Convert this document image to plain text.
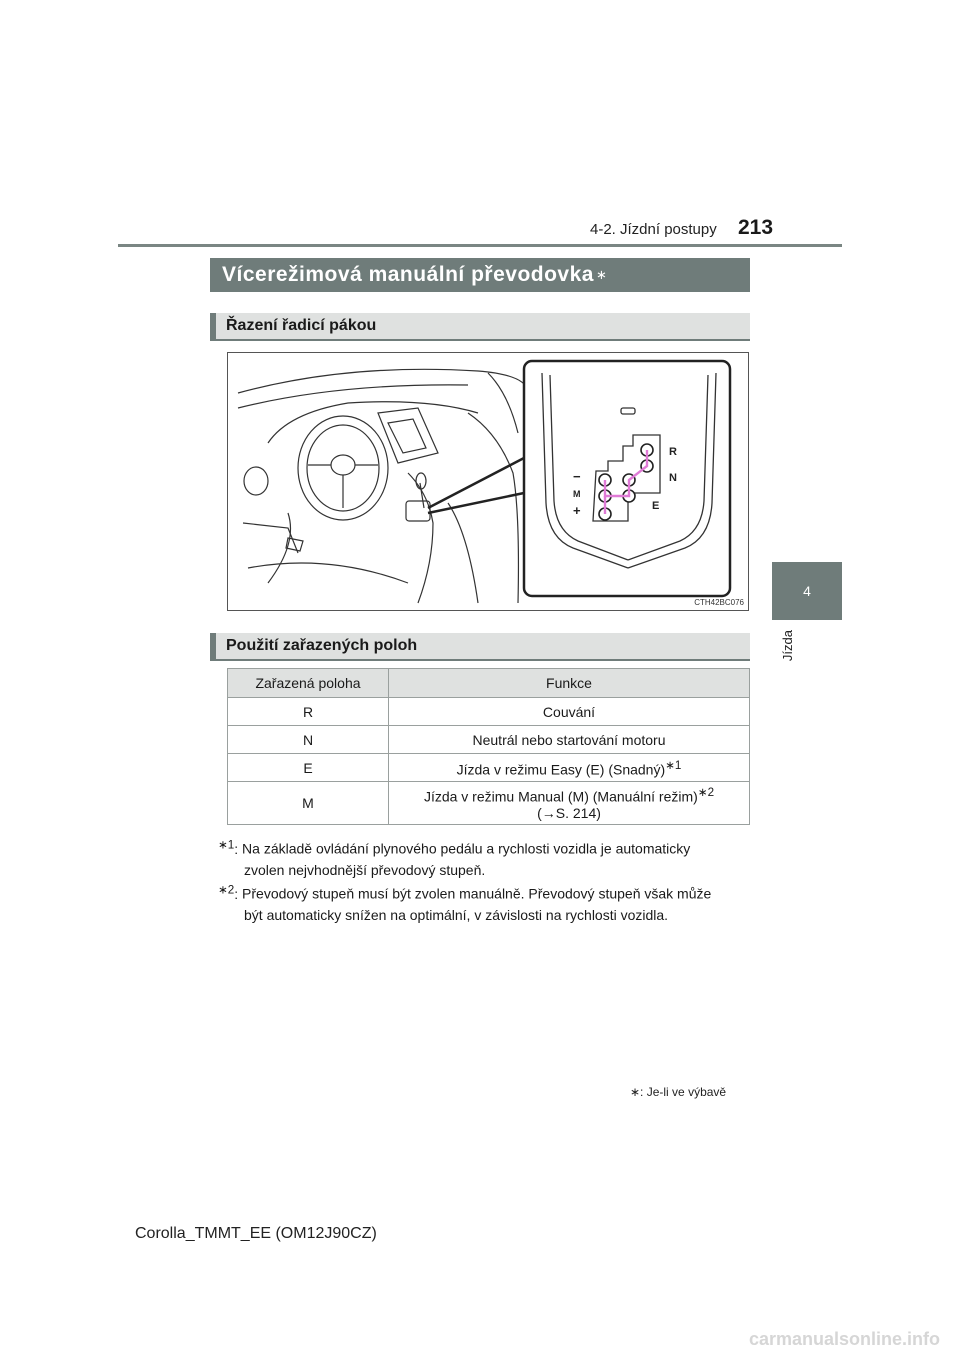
4-2. Jízdní postupy 213
4
Jízda
Vícerežimová manuální převodovka ∗
Řazení řadicí pákou
R
N
E
−
M
+
CTH42BC076
Použití zařazených poloh
Zařazená poloha	Funkce
R	Couvání
N	Neutrál nebo startování motoru
E	Jízda v režimu Easy (E) (Snadný)$^{∗1}$
M	Jízda v režimu Manual (M) (Manuální režim)$^{∗2}$
(→S. 214)
$^{∗1}$: Na základě ovládání plynového pedálu a rychlosti vozidla je automaticky
zvolen nejvhodnější převodový stupeň.
$^{∗2}$: Převodový stupeň musí být zvolen manuálně. Převodový stupeň však může
být automaticky snížen na optimální, v závislosti na rychlosti vozidla.
∗: Je-li ve výbavě
Corolla_TMMT_EE (OM12J90CZ)
carmanualsonline.info
